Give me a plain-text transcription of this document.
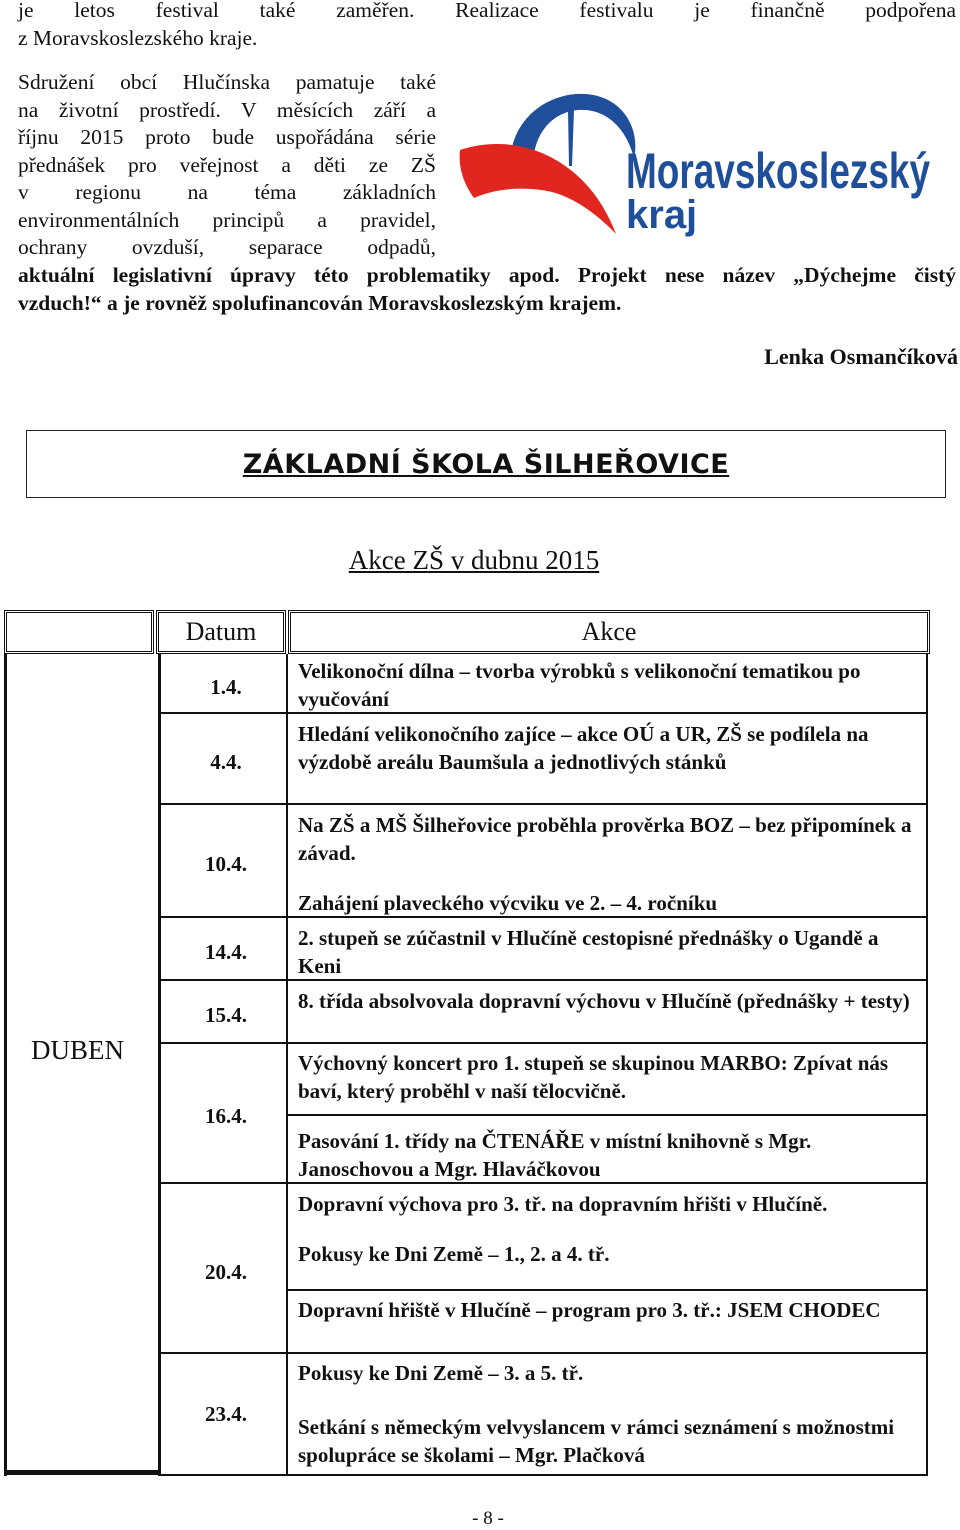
je letos festival také zaměřen. Realizace festivalu je finančně podpořena
z Moravskoslezského kraje.
Sdružení obcí Hlučínska pamatuje také
na životní prostředí. V měsících září a
říjnu 2015 proto bude uspořádána série
přednášek pro veřejnost a děti ze ZŠ
v regionu na téma základních
environmentálních principů a pravidel,
ochrany ovzduší, separace odpadů,
aktuální legislativní úpravy této problematiky apod. Projekt nese název „Dýchejme čistý
vzduch!“ a je rovněž spolufinancován Moravskoslezským krajem.
Moravskoslezský
kraj
Lenka Osmančíková
ZÁKLADNÍ ŠKOLA ŠILHEŘOVICE
Akce ZŠ v dubnu 2015
Datum	Akce
DUBEN
1.4.
4.4.
10.4.
14.4.
15.4.
16.4.
20.4.
23.4.
Velikonoční dílna – tvorba výrobků s velikonoční tematikou po vyučování
Hledání velikonočního zajíce – akce OÚ a UR, ZŠ se podílela na výzdobě areálu Baumšula a jednotlivých stánků
Na ZŠ a MŠ Šilheřovice proběhla prověrka BOZ – bez připomínek a závad.
Zahájení plaveckého výcviku ve 2. – 4. ročníku
2. stupeň se zúčastnil v Hlučíně cestopisné přednášky o Ugandě a Keni
8. třída absolvovala dopravní výchovu v Hlučíně (přednášky + testy)
Výchovný koncert pro 1. stupeň se skupinou MARBO: Zpívat nás baví, který proběhl v naší tělocvičně.
Pasování 1. třídy na ČTENÁŘE v místní knihovně s Mgr. Janoschovou a Mgr. Hlaváčkovou
Dopravní výchova pro 3. tř. na dopravním hřišti v Hlučíně.
Pokusy ke Dni Země – 1., 2. a 4. tř.
Dopravní hřiště v Hlučíně – program pro 3. tř.: JSEM CHODEC
Pokusy ke Dni Země – 3. a 5. tř.
Setkání s německým velvyslancem v rámci seznámení s možnostmi spolupráce se školami – Mgr. Plačková
- 8 -
